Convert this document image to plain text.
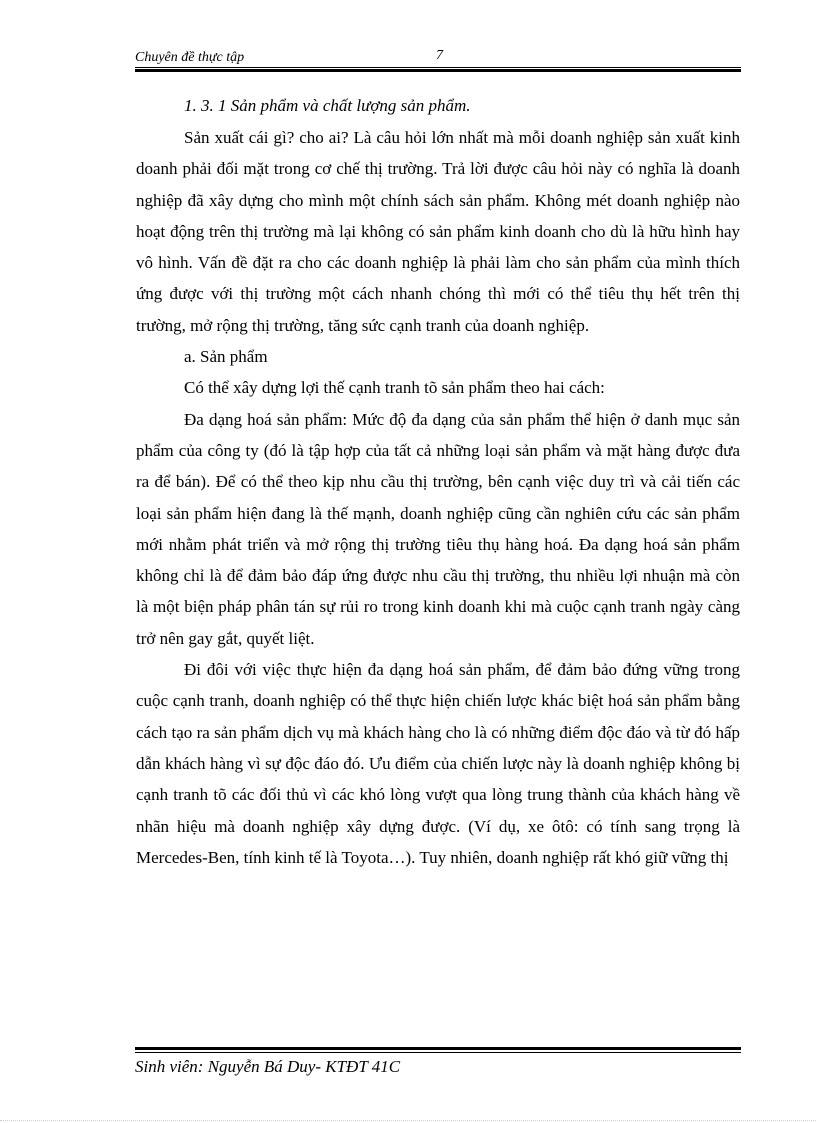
Chuyên đề thực tập	7

1. 3. 1 Sản phẩm và chất lượng sản phẩm.

Sản xuất cái gì? cho ai? Là câu hỏi lớn nhất mà mỗi doanh nghiệp sản xuất kinh doanh phải đối mặt trong cơ chế thị trường. Trả lời được câu hỏi này có nghĩa là doanh nghiệp đã xây dựng cho mình một chính sách sản phẩm. Không mét doanh nghiệp nào hoạt động trên thị trường mà lại không có sản phẩm kinh doanh cho dù là hữu hình hay vô hình. Vấn đề đặt ra cho các doanh nghiệp là phải làm cho sản phẩm của mình thích ứng được với thị trường một cách nhanh chóng thì mới có thể tiêu thụ hết trên thị trường, mở rộng thị trường, tăng sức cạnh tranh của doanh nghiệp.

a. Sản phẩm

Có thể xây dựng lợi thế cạnh tranh tõ sản phẩm theo hai cách:

Đa dạng hoá sản phẩm: Mức độ đa dạng của sản phẩm thể hiện ở danh mục sản phẩm của công ty (đó là tập hợp của tất cả những loại sản phẩm và mặt hàng được đưa ra để bán). Để có thể theo kịp nhu cầu thị trường, bên cạnh việc duy trì và cải tiến các loại sản phẩm hiện đang là thế mạnh, doanh nghiệp cũng cần nghiên cứu các sản phẩm mới nhằm phát triển và mở rộng thị trường tiêu thụ hàng hoá. Đa dạng hoá sản phẩm không chỉ là để đảm bảo đáp ứng được nhu cầu thị trường, thu nhiều lợi nhuận mà còn là một biện pháp phân tán sự rủi ro trong kinh doanh khi mà cuộc cạnh tranh ngày càng trở nên gay gắt, quyết liệt.

Đi đôi với việc thực hiện đa dạng hoá sản phẩm, để đảm bảo đứng vững trong cuộc cạnh tranh, doanh nghiệp có thể thực hiện chiến lược khác biệt hoá sản phẩm bằng cách tạo ra sản phẩm dịch vụ mà khách hàng cho là có những điểm độc đáo và từ đó hấp dẫn khách hàng vì sự độc đáo đó. Ưu điểm của chiến lược này là doanh nghiệp không bị cạnh tranh tõ các đối thủ vì các khó lòng vượt qua lòng trung thành của khách hàng về nhãn hiệu mà doanh nghiệp xây dựng được. (Ví dụ, xe ôtô: có tính sang trọng là Mercedes-Ben, tính kinh tế là Toyota…). Tuy nhiên, doanh nghiệp rất khó giữ vững thị

Sinh viên: Nguyễn Bá Duy- KTĐT 41C
